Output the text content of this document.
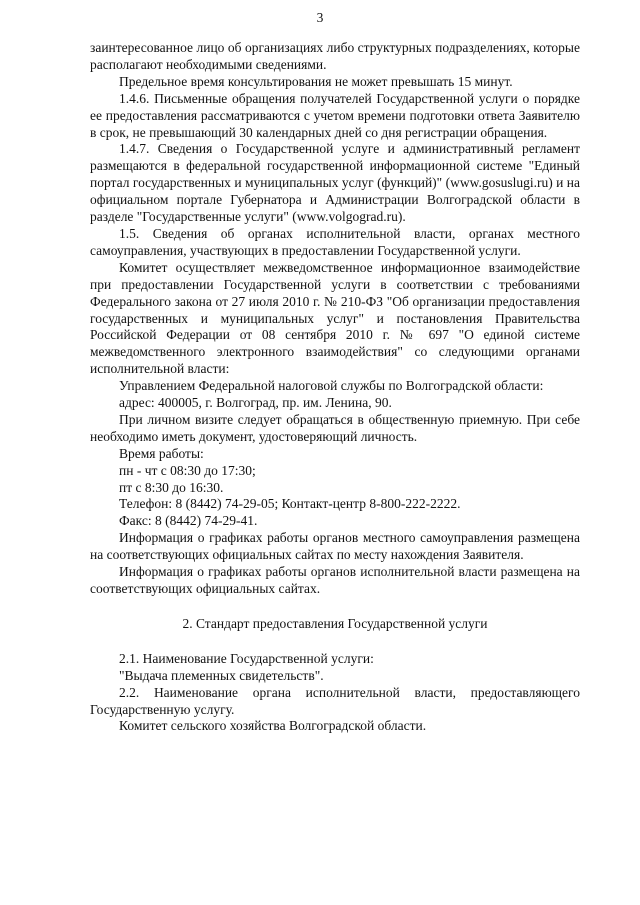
3

заинтересованное лицо об организациях либо структурных подразделениях, которые располагают необходимыми сведениями.

Предельное время консультирования не может превышать 15 минут.

1.4.6. Письменные обращения получателей Государственной услуги о порядке ее предоставления рассматриваются с учетом времени подготовки ответа Заявителю в срок, не превышающий 30 календарных дней со дня регистрации обращения.

1.4.7. Сведения о Государственной услуге и административный регламент размещаются в федеральной государственной информационной системе "Единый портал государственных и муниципальных услуг (функций)" (www.gosuslugi.ru) и на официальном портале Губернатора и Администрации Волгоградской области в разделе "Государственные услуги" (www.volgograd.ru).

1.5. Сведения об органах исполнительной власти, органах местного самоуправления, участвующих в предоставлении Государственной услуги.

Комитет осуществляет межведомственное информационное взаимодействие при предоставлении Государственной услуги в соответствии с требованиями Федерального закона от 27 июля 2010 г. № 210-ФЗ "Об организации предоставления государственных и муниципальных услуг" и постановления Правительства Российской Федерации от 08 сентября 2010 г. № 697 "О единой системе межведомственного электронного взаимодействия" со следующими органами исполнительной власти:

Управлением Федеральной налоговой службы по Волгоградской области:

адрес: 400005, г. Волгоград, пр. им. Ленина, 90.

При личном визите следует обращаться в общественную приемную. При себе необходимо иметь документ, удостоверяющий личность.

Время работы:

пн - чт с 08:30 до 17:30;

пт с 8:30 до 16:30.

Телефон: 8 (8442) 74-29-05; Контакт-центр 8-800-222-2222.

Факс: 8 (8442) 74-29-41.

Информация о графиках работы органов местного самоуправления размещена на соответствующих официальных сайтах по месту нахождения Заявителя.

Информация о графиках работы органов исполнительной власти размещена на соответствующих официальных сайтах.

2. Стандарт предоставления Государственной услуги

2.1. Наименование Государственной услуги:

"Выдача племенных свидетельств".

2.2. Наименование органа исполнительной власти, предоставляющего Государственную услугу.

Комитет сельского хозяйства Волгоградской области.
